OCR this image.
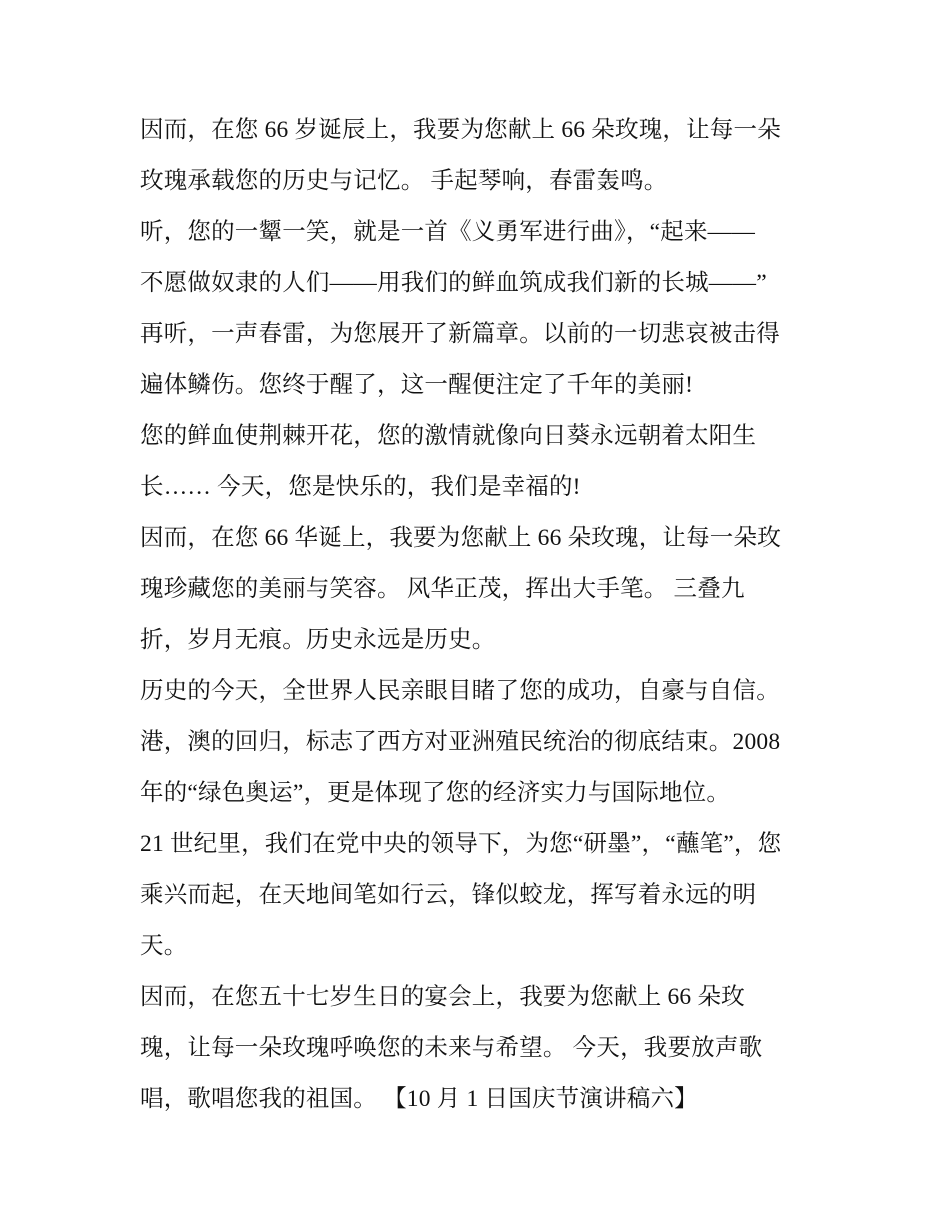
因而，在您 66 岁诞辰上，我要为您献上 66 朵玫瑰，让每一朵
玫瑰承载您的历史与记忆。 手起琴响，春雷轰鸣。
听，您的一颦一笑，就是一首《义勇军进行曲》，“起来——
不愿做奴隶的人们——用我们的鲜血筑成我们新的长城——”
再听，一声春雷，为您展开了新篇章。以前的一切悲哀被击得
遍体鳞伤。您终于醒了，这一醒便注定了千年的美丽!
您的鲜血使荆棘开花，您的激情就像向日葵永远朝着太阳生
长…… 今天，您是快乐的，我们是幸福的!
因而，在您 66 华诞上，我要为您献上 66 朵玫瑰，让每一朵玫
瑰珍藏您的美丽与笑容。 风华正茂，挥出大手笔。 三叠九
折，岁月无痕。历史永远是历史。
历史的今天，全世界人民亲眼目睹了您的成功，自豪与自信。
港，澳的回归，标志了西方对亚洲殖民统治的彻底结束。2008
年的“绿色奥运”，更是体现了您的经济实力与国际地位。
21 世纪里，我们在党中央的领导下，为您“研墨”，“蘸笔”，您
乘兴而起，在天地间笔如行云，锋似蛟龙，挥写着永远的明
天。
因而，在您五十七岁生日的宴会上，我要为您献上 66 朵玫
瑰，让每一朵玫瑰呼唤您的未来与希望。 今天，我要放声歌
唱，歌唱您我的祖国。 【10 月 1 日国庆节演讲稿六】
